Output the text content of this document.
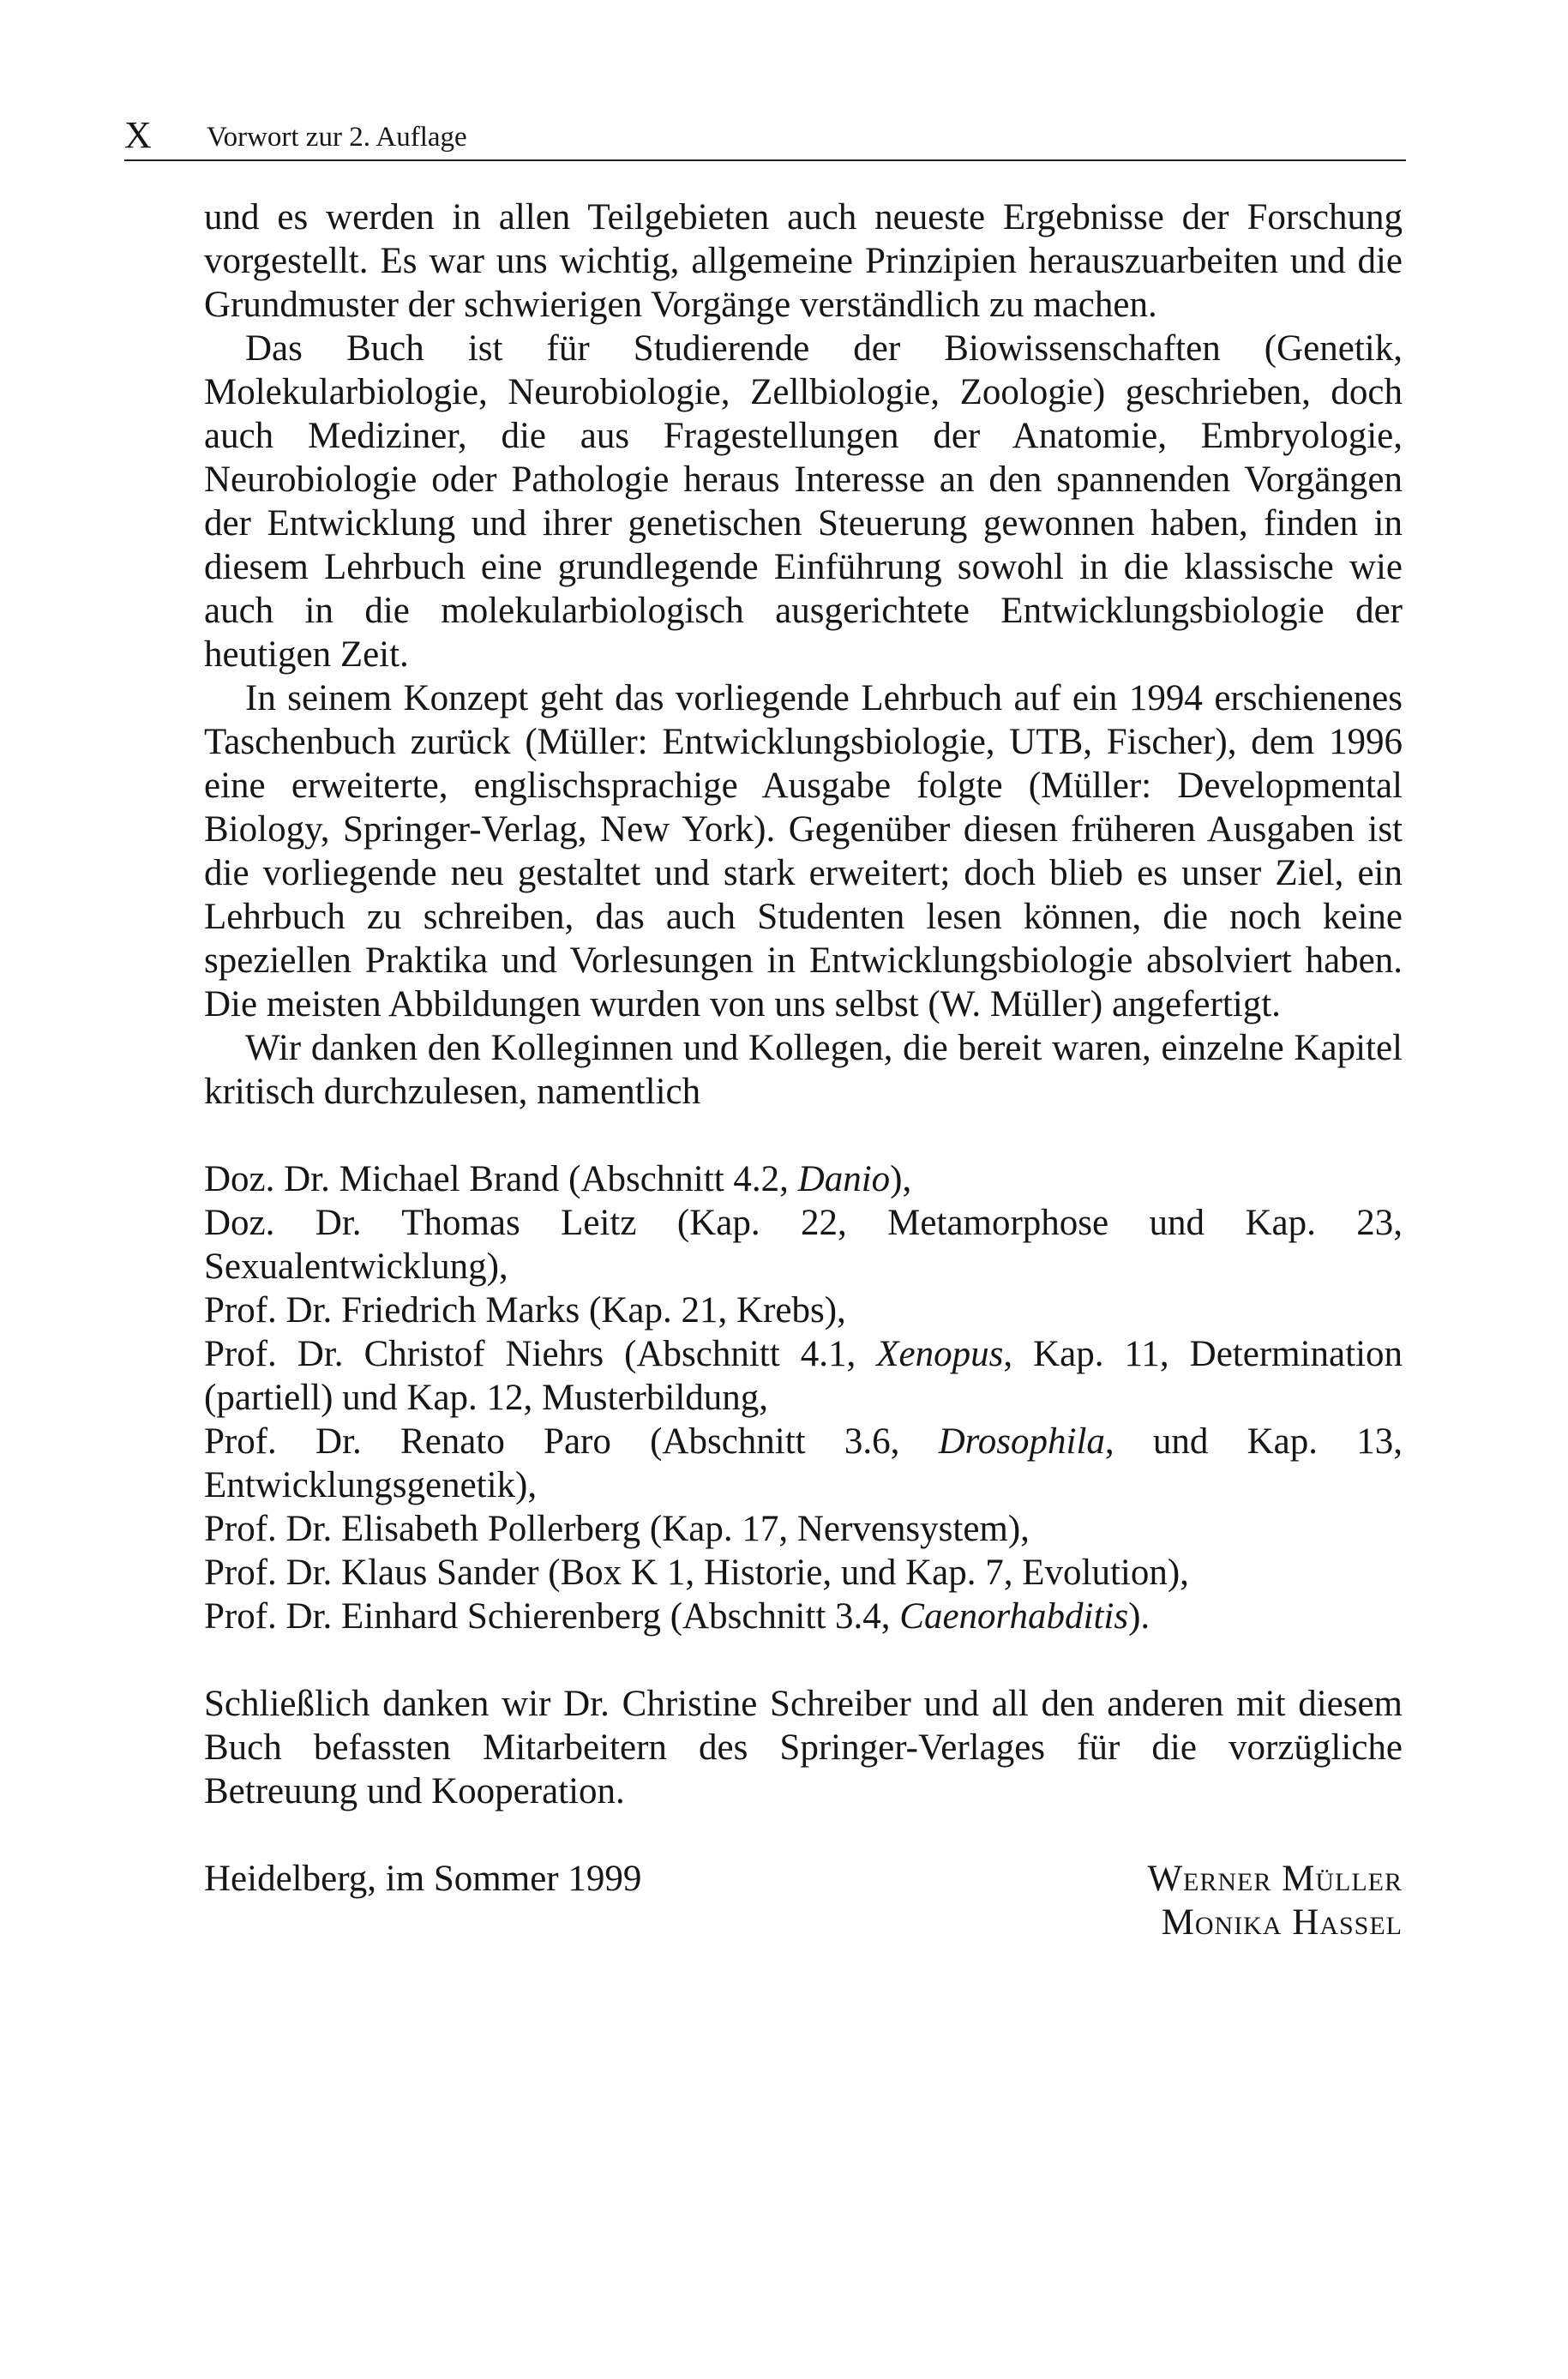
X Vorwort zur 2. Auflage

und es werden in allen Teilgebieten auch neueste Ergebnisse der Forschung vorgestellt. Es war uns wichtig, allgemeine Prinzipien herauszuarbeiten und die Grundmuster der schwierigen Vorgänge verständlich zu machen.

Das Buch ist für Studierende der Biowissenschaften (Genetik, Molekularbiologie, Neurobiologie, Zellbiologie, Zoologie) geschrieben, doch auch Mediziner, die aus Fragestellungen der Anatomie, Embryologie, Neurobiologie oder Pathologie heraus Interesse an den spannenden Vorgängen der Entwicklung und ihrer genetischen Steuerung gewonnen haben, finden in diesem Lehrbuch eine grundlegende Einführung sowohl in die klassische wie auch in die molekularbiologisch ausgerichtete Entwicklungsbiologie der heutigen Zeit.

In seinem Konzept geht das vorliegende Lehrbuch auf ein 1994 erschienenes Taschenbuch zurück (Müller: Entwicklungsbiologie, UTB, Fischer), dem 1996 eine erweiterte, englischsprachige Ausgabe folgte (Müller: Developmental Biology, Springer-Verlag, New York). Gegenüber diesen früheren Ausgaben ist die vorliegende neu gestaltet und stark erweitert; doch blieb es unser Ziel, ein Lehrbuch zu schreiben, das auch Studenten lesen können, die noch keine speziellen Praktika und Vorlesungen in Entwicklungsbiologie absolviert haben. Die meisten Abbildungen wurden von uns selbst (W. Müller) angefertigt.

Wir danken den Kolleginnen und Kollegen, die bereit waren, einzelne Kapitel kritisch durchzulesen, namentlich

Doz. Dr. Michael Brand (Abschnitt 4.2, Danio),
Doz. Dr. Thomas Leitz (Kap. 22, Metamorphose und Kap. 23, Sexualentwicklung),
Prof. Dr. Friedrich Marks (Kap. 21, Krebs),
Prof. Dr. Christof Niehrs (Abschnitt 4.1, Xenopus, Kap. 11, Determination (partiell) und Kap. 12, Musterbildung,
Prof. Dr. Renato Paro (Abschnitt 3.6, Drosophila, und Kap. 13, Entwicklungsgenetik),
Prof. Dr. Elisabeth Pollerberg (Kap. 17, Nervensystem),
Prof. Dr. Klaus Sander (Box K 1, Historie, und Kap. 7, Evolution),
Prof. Dr. Einhard Schierenberg (Abschnitt 3.4, Caenorhabditis).

Schließlich danken wir Dr. Christine Schreiber und all den anderen mit diesem Buch befassten Mitarbeitern des Springer-Verlages für die vorzügliche Betreuung und Kooperation.

Heidelberg, im Sommer 1999	Werner Müller
Monika Hassel
